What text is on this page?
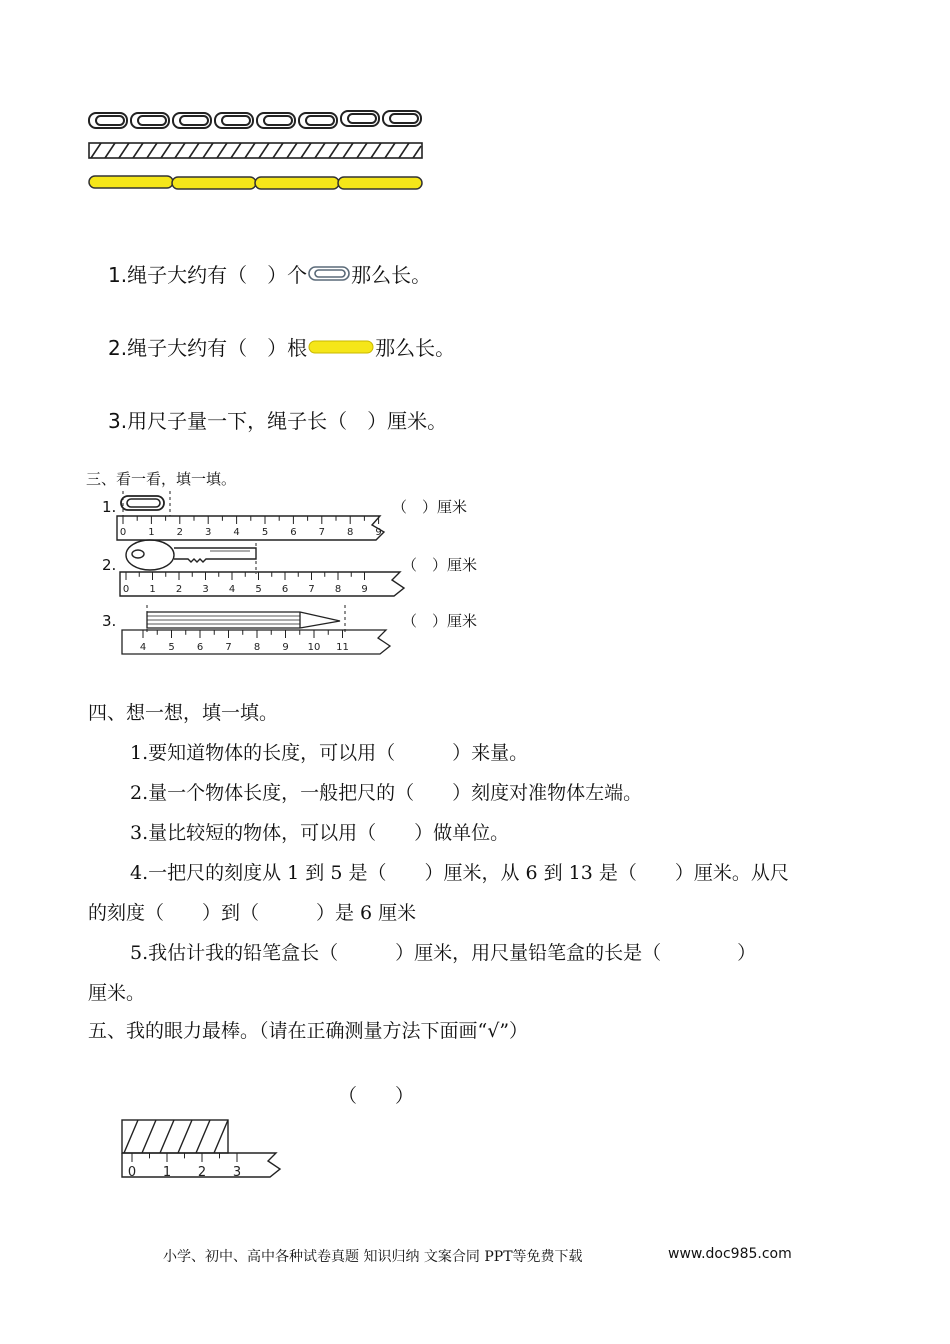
1.绳子大约有（　）个 那么长。
2.绳子大约有（　）根	那么长。
3.用尺子量一下，绳子长（　）厘米。
三、看一看，填一填。
1.	（　）厘米
2.	（　）厘米
3.	（　）厘米
0 1 2 3 4 5 6 7 8 9
0 1 2 3 4 5 6 7 8 9
4 5 6 7 8 9 10 11
四、想一想，填一填。
1.要知道物体的长度，可以用（　　　）来量。
2.量一个物体长度，一般把尺的（　　）刻度对准物体左端。
3.量比较短的物体，可以用（　　）做单位。
4.一把尺的刻度从 1 到 5 是（　　）厘米，从 6 到 13 是（　　）厘米。从尺
的刻度（　　）到（　　　）是 6 厘米
5.我估计我的铅笔盒长（　　　）厘米，用尺量铅笔盒的长是（　　　　）
厘米。
五、我的眼力最棒。（请在正确测量方法下面画“√”）
（　　）
0 1 2 3
小学、初中、高中各种试卷真题 知识归纳 文案合同 PPT等免费下载	www.doc985.com
